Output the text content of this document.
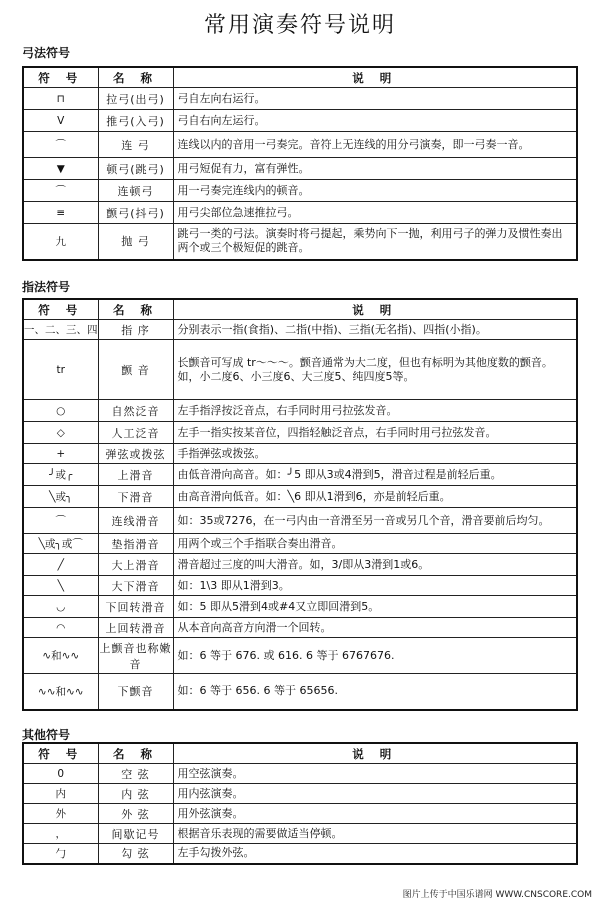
常用演奏符号说明
弓法符号
符 号	名 称	说 明
⊓	拉弓(出弓)	弓自左向右运行。
V	推弓(入弓)	弓自右向左运行。
⌒	连 弓	连线以内的音用一弓奏完。音符上无连线的用分弓演奏，即一弓奏一音。
▼	顿弓(跳弓)	用弓短促有力，富有弹性。
⌒	连顿弓	用一弓奏完连线内的顿音。
≡	颤弓(抖弓)	用弓尖部位急速推拉弓。
九	抛 弓	跳弓一类的弓法。演奏时将弓提起，乘势向下一抛，利用弓子的弹力及惯性奏出两个或三个极短促的跳音。
指法符号
符 号	名 称	说 明
一、二、三、四	指 序	分别表示一指(食指)、二指(中指)、三指(无名指)、四指(小指)。
tr	颤 音	长颤音可写成 tr～～～。颤音通常为大二度，但也有标明为其他度数的颤音。如，小二度6、小三度6、大三度5、纯四度5等。
○	自然泛音	左手指浮按泛音点，右手同时用弓拉弦发音。
◇	人工泛音	左手一指实按某音位，四指轻触泛音点，右手同时用弓拉弦发音。
+	弹弦或拨弦	手指弹弦或拨弦。
╯或╭	上滑音	由低音滑向高音。如：╯5 即从3或4滑到5，滑音过程是前轻后重。
╲或╮	下滑音	由高音滑向低音。如：╲6 即从1滑到6，亦是前轻后重。
⌒	连线滑音	如：35或7276，在一弓内由一音滑至另一音或另几个音，滑音要前后均匀。
╲或╮或⌒	垫指滑音	用两个或三个手指联合奏出滑音。
╱	大上滑音	滑音超过三度的叫大滑音。如，3/即从3滑到1或6。
╲	大下滑音	如：1\3 即从1滑到3。
◡	下回转滑音	如：5 即从5滑到4或#4又立即回滑到5。
◠	上回转滑音	从本音向高音方向滑一个回转。
∿和∿∿	上颤音也称嫩音	如：6 等于 676. 或 616. 6 等于 6767676.
∿∿和∿∿	下颤音	如：6 等于 656. 6 等于 65656.
其他符号
符 号	名 称	说 明
0	空 弦	用空弦演奏。
内	内 弦	用内弦演奏。
外	外 弦	用外弦演奏。
，	间歇记号	根据音乐表现的需要做适当停顿。
勹	勾 弦	左手勾拨外弦。
图片上传于中国乐谱网 WWW.CNSCORE.COM
